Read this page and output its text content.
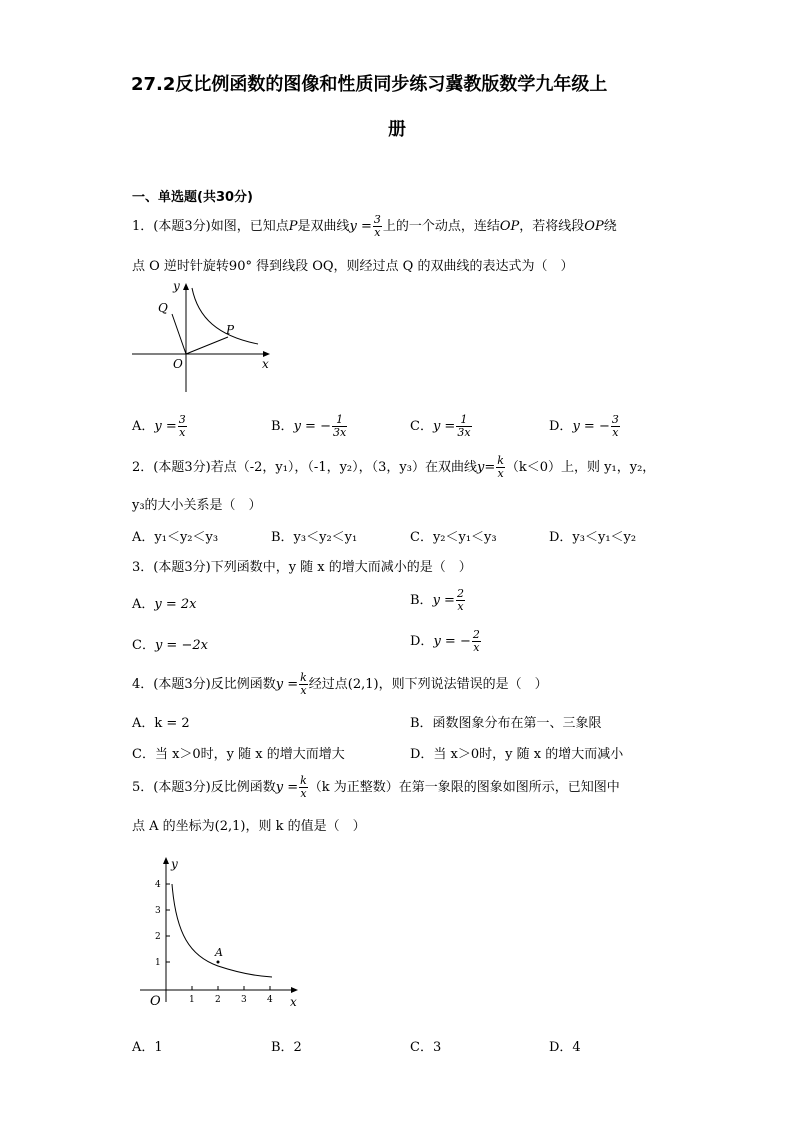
27.2反比例函数的图像和性质同步练习冀教版数学九年级上
册
一、单选题(共30分)
1．(本题3分)如图，已知点P是双曲线$y = \frac{3}{x}$ 上的一个动点，连结OP，若将线段OP绕
点 O 逆时针旋转90° 得到线段 OQ，则经过点 Q 的双曲线的表达式为（　）
y
x
O
P
Q
A．$y = \frac{3}{x}$	B．y = − $\frac{1}{3x}$	C．$y = \frac{1}{3x}$	D．y = − $\frac{3}{x}$
2．(本题3分)若点（-2，y₁），（-1，y₂），（3，y₃）在双曲线$y= \frac{k}{x} (k<0)$上，则 y₁，y₂，
y₃的大小关系是（　）
A．y₁＜y₂＜y₃	B．y₃＜y₂＜y₁	C．y₂＜y₁＜y₃	D．y₃＜y₁＜y₂
3．(本题3分)下列函数中，y 随 x 的增大而减小的是（　）
A．y = 2x	B．$y = \frac{2}{x}$
C．y = −2x	D．y = − $\frac{2}{x}$
4．(本题3分)反比例函数$y = \frac{k}{x}$ 经过点(2,1)，则下列说法错误的是（　）
A．k = 2	B．函数图象分布在第一、三象限
C．当 x＞0时，y 随 x 的增大而增大	D．当 x＞0时，y 随 x 的增大而减小
5．(本题3分)反比例函数$y = \frac{k}{x} (k$ 为正整数）在第一象限的图象如图所示，已知图中
点 A 的坐标为(2,1)，则 k 的值是（　）
1
2
3
4
1 2 3 4
y
x
O
A
A．1	B．2	C．3	D．4
